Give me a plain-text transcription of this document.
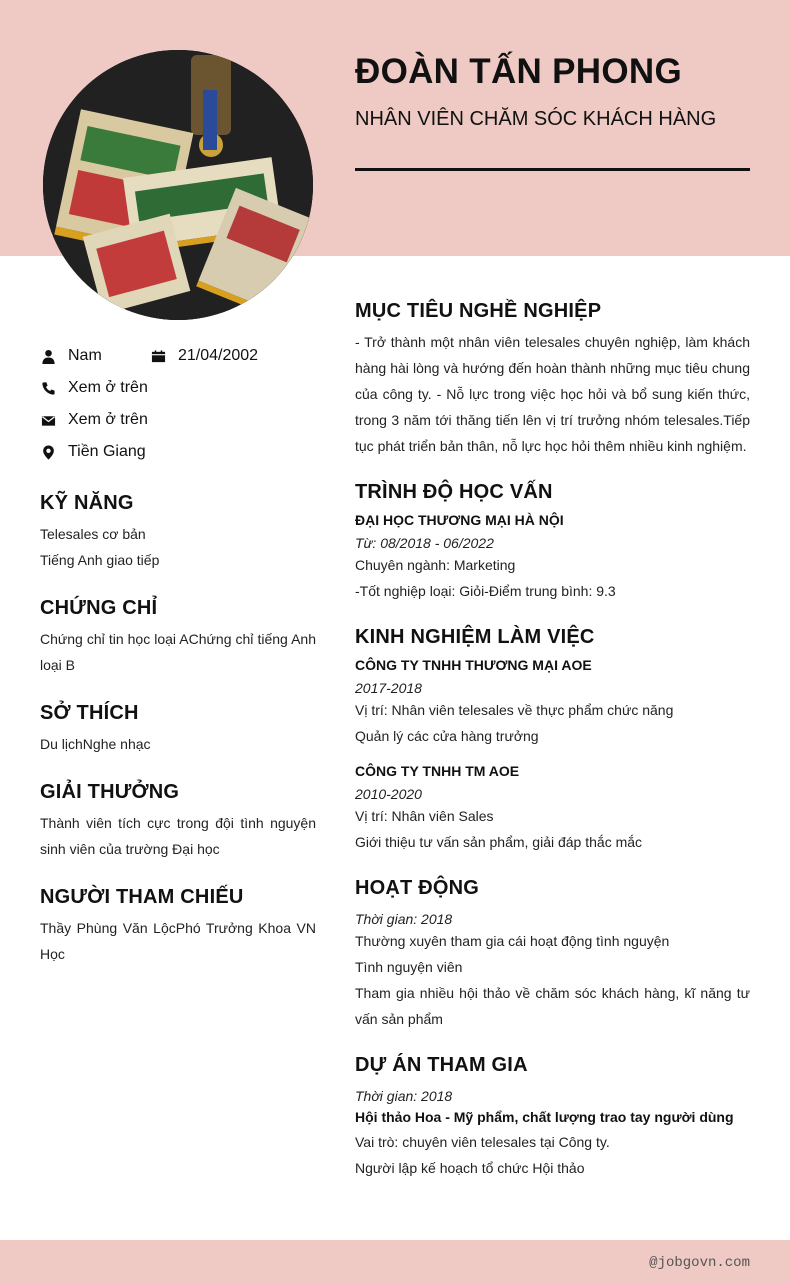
ĐOÀN TẤN PHONG
NHÂN VIÊN CHĂM SÓC KHÁCH HÀNG
Nam	21/04/2002
Xem ở trên
Xem ở trên
Tiền Giang
KỸ NĂNG
Telesales cơ bản
Tiếng Anh giao tiếp
CHỨNG CHỈ
Chứng chỉ tin học loại AChứng chỉ tiếng Anh loại B
SỞ THÍCH
Du lịchNghe nhạc
GIẢI THƯỞNG
Thành viên tích cực trong đội tình nguyện sinh viên của trường Đại học
NGƯỜI THAM CHIẾU
Thầy Phùng Văn LộcPhó Trưởng Khoa VN Học
MỤC TIÊU NGHỀ NGHIỆP
- Trở thành một nhân viên telesales chuyên nghiệp, làm khách hàng hài lòng và hướng đến hoàn thành những mục tiêu chung của công ty. - Nỗ lực trong việc học hỏi và bổ sung kiến thức, trong 3 năm tới thăng tiến lên vị trí trưởng nhóm telesales.Tiếp tục phát triển bản thân, nỗ lực học hỏi thêm nhiều kinh nghiệm.
TRÌNH ĐỘ HỌC VẤN
ĐẠI HỌC THƯƠNG MẠI HÀ NỘI
Từ: 08/2018 - 06/2022
Chuyên ngành: Marketing
-Tốt nghiệp loại: Giỏi-Điểm trung bình: 9.3
KINH NGHIỆM LÀM VIỆC
CÔNG TY TNHH THƯƠNG MẠI AOE
2017-2018
Vị trí: Nhân viên telesales về thực phẩm chức năng
Quản lý các cửa hàng trưởng
CÔNG TY TNHH TM AOE
2010-2020
Vị trí: Nhân viên Sales
Giới thiệu tư vấn sản phẩm, giải đáp thắc mắc
HOẠT ĐỘNG
Thời gian: 2018
Thường xuyên tham gia cái hoạt động tình nguyện
Tình nguyện viên
Tham gia nhiều hội thảo về chăm sóc khách hàng, kĩ năng tư vấn sản phẩm
DỰ ÁN THAM GIA
Thời gian: 2018
Hội thảo Hoa - Mỹ phẩm, chất lượng trao tay người dùng
Vai trò: chuyên viên telesales tại Công ty.
Người lập kế hoạch tổ chức Hội thảo
@jobgovn.com
